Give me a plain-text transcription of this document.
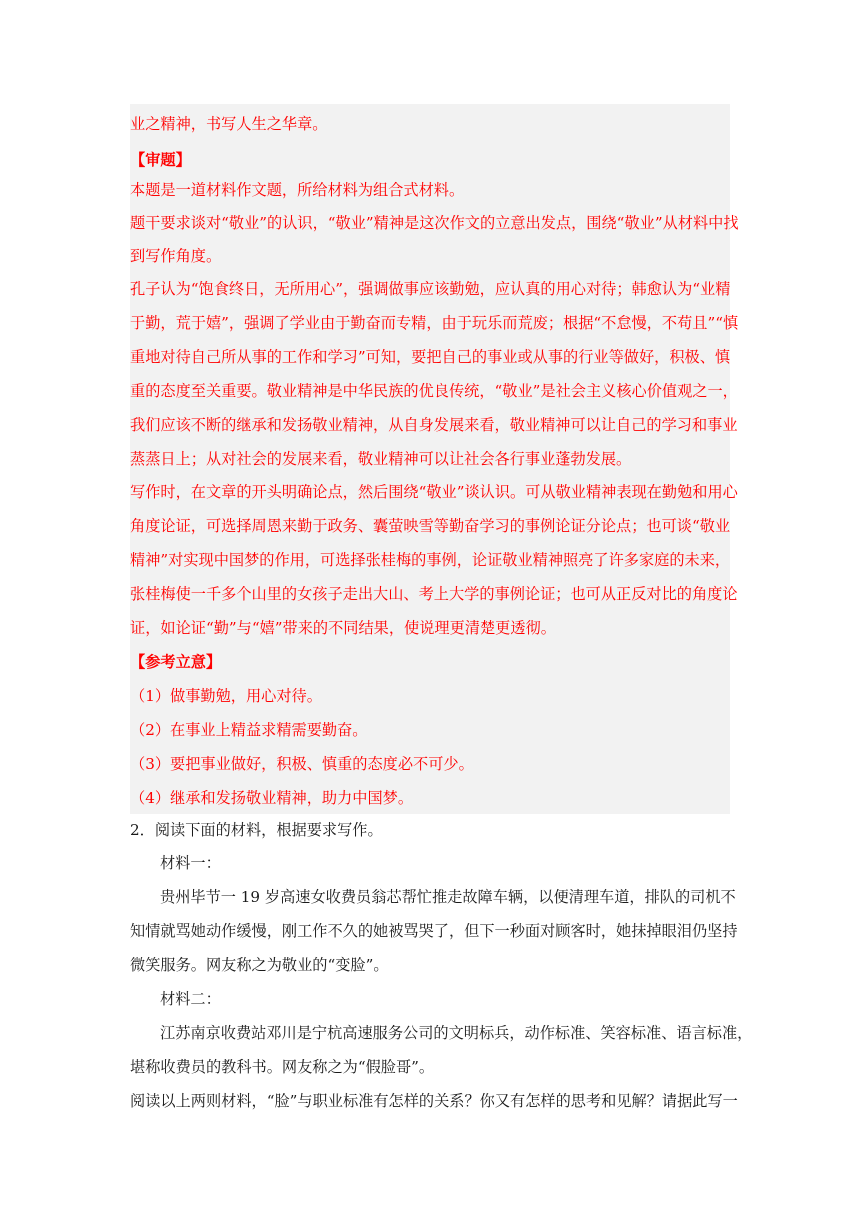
业之精神，书写人生之华章。
【审题】
本题是一道材料作文题，所给材料为组合式材料。
题干要求谈对“敬业”的认识，“敬业”精神是这次作文的立意出发点，围绕“敬业”从材料中找
到写作角度。
孔子认为“饱食终日，无所用心”，强调做事应该勤勉，应认真的用心对待；韩愈认为“业精
于勤，荒于嬉”，强调了学业由于勤奋而专精，由于玩乐而荒废；根据“不怠慢，不苟且”“慎
重地对待自己所从事的工作和学习”可知，要把自己的事业或从事的行业等做好，积极、慎
重的态度至关重要。敬业精神是中华民族的优良传统，“敬业”是社会主义核心价值观之一，
我们应该不断的继承和发扬敬业精神，从自身发展来看，敬业精神可以让自己的学习和事业
蒸蒸日上；从对社会的发展来看，敬业精神可以让社会各行事业蓬勃发展。
写作时，在文章的开头明确论点，然后围绕“敬业”谈认识。可从敬业精神表现在勤勉和用心
角度论证，可选择周恩来勤于政务、囊萤映雪等勤奋学习的事例论证分论点；也可谈“敬业
精神”对实现中国梦的作用，可选择张桂梅的事例，论证敬业精神照亮了许多家庭的未来，
张桂梅使一千多个山里的女孩子走出大山、考上大学的事例论证；也可从正反对比的角度论
证，如论证“勤”与“嬉”带来的不同结果，使说理更清楚更透彻。
【参考立意】
（1）做事勤勉，用心对待。
（2）在事业上精益求精需要勤奋。
（3）要把事业做好，积极、慎重的态度必不可少。
（4）继承和发扬敬业精神，助力中国梦。
2．阅读下面的材料，根据要求写作。
材料一：
贵州毕节一 19 岁高速女收费员翁芯帮忙推走故障车辆，以便清理车道，排队的司机不
知情就骂她动作缓慢，刚工作不久的她被骂哭了，但下一秒面对顾客时，她抹掉眼泪仍坚持
微笑服务。网友称之为敬业的“变脸”。
材料二：
江苏南京收费站邓川是宁杭高速服务公司的文明标兵，动作标准、笑容标准、语言标准，
堪称收费员的教科书。网友称之为“假脸哥”。
阅读以上两则材料，“脸”与职业标准有怎样的关系？你又有怎样的思考和见解？请据此写一
